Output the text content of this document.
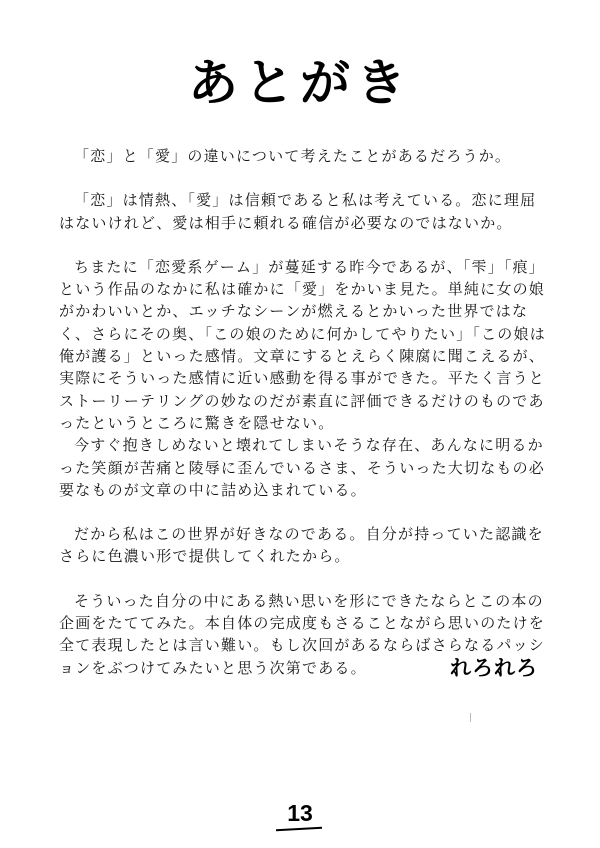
あとがき

「恋」と「愛」の違いについて考えたことがあるだろうか。

「恋」は情熱、「愛」は信頼であると私は考えている。恋に理屈はないけれど、愛は相手に頼れる確信が必要なのではないか。

ちまたに「恋愛系ゲーム」が蔓延する昨今であるが、「雫」「痕」という作品のなかに私は確かに「愛」をかいま見た。単純に女の娘がかわいいとか、エッチなシーンが燃えるとかいった世界ではなく、さらにその奥、「この娘のために何かしてやりたい」「この娘は俺が護る」といった感情。文章にするとえらく陳腐に聞こえるが、実際にそういった感情に近い感動を得る事ができた。平たく言うとストーリーテリングの妙なのだが素直に評価できるだけのものであったというところに驚きを隠せない。

今すぐ抱きしめないと壊れてしまいそうな存在、あんなに明るかった笑顔が苦痛と陵辱に歪んでいるさま、そういった大切なもの必要なものが文章の中に詰め込まれている。

だから私はこの世界が好きなのである。自分が持っていた認識をさらに色濃い形で提供してくれたから。

そういった自分の中にある熱い思いを形にできたならとこの本の企画をたててみた。本自体の完成度もさることながら思いのたけを全て表現したとは言い難い。もし次回があるならばさらなるパッションをぶつけてみたいと思う次第である。	れろれろ
13
